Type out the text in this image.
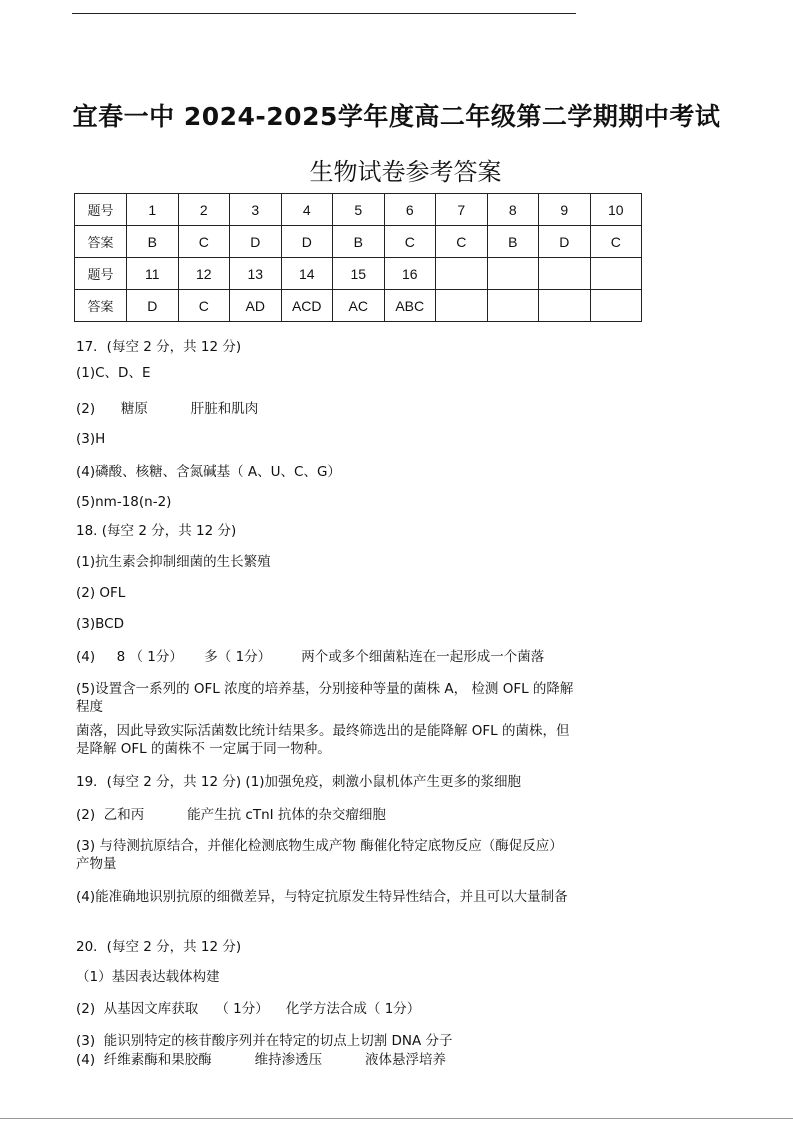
宜春一中 2024-2025学年度高二年级第二学期期中考试
生物试卷参考答案
题号	1	2	3	4	5	6	7	8	9	10
答案	B	C	D	D	B	C	C	B	D	C
题号	11	12	13	14	15	16				
答案	D	C	AD	ACD	AC	ABC				
17．(每空 2 分，共 12 分)
(1)C、D、E
(2)      糖原          肝脏和肌肉
(3)H
(4)磷酸、核糖、含氮碱基（ A、U、C、G）
(5)nm-18(n-2)
18. (每空 2 分，共 12 分)
(1)抗生素会抑制细菌的生长繁殖
(2) OFL
(3)BCD
(4)     8 （ 1分）     多（ 1分）       两个或多个细菌粘连在一起形成一个菌落
(5)设置含一系列的 OFL 浓度的培养基，分别接种等量的菌株 A， 检测 OFL 的降解程度
菌落，因此导致实际活菌数比统计结果多。最终筛选出的是能降解 OFL 的菌株，但是降解 OFL 的菌株不 一定属于同一物种。
19．(每空 2 分，共 12 分) (1)加强免疫，刺激小鼠机体产生更多的浆细胞
(2)  乙和丙          能产生抗 cTnI 抗体的杂交瘤细胞
(3) 与待测抗原结合，并催化检测底物生成产物 酶催化特定底物反应（酶促反应）产物量
(4)能准确地识别抗原的细微差异，与特定抗原发生特异性结合，并且可以大量制备
20．(每空 2 分，共 12 分)
（1）基因表达载体构建
(2)  从基因文库获取    （ 1分）    化学方法合成（ 1分）
(3)  能识别特定的核苷酸序列并在特定的切点上切割 DNA 分子
(4)  纤维素酶和果胶酶          维持渗透压          液体悬浮培养
